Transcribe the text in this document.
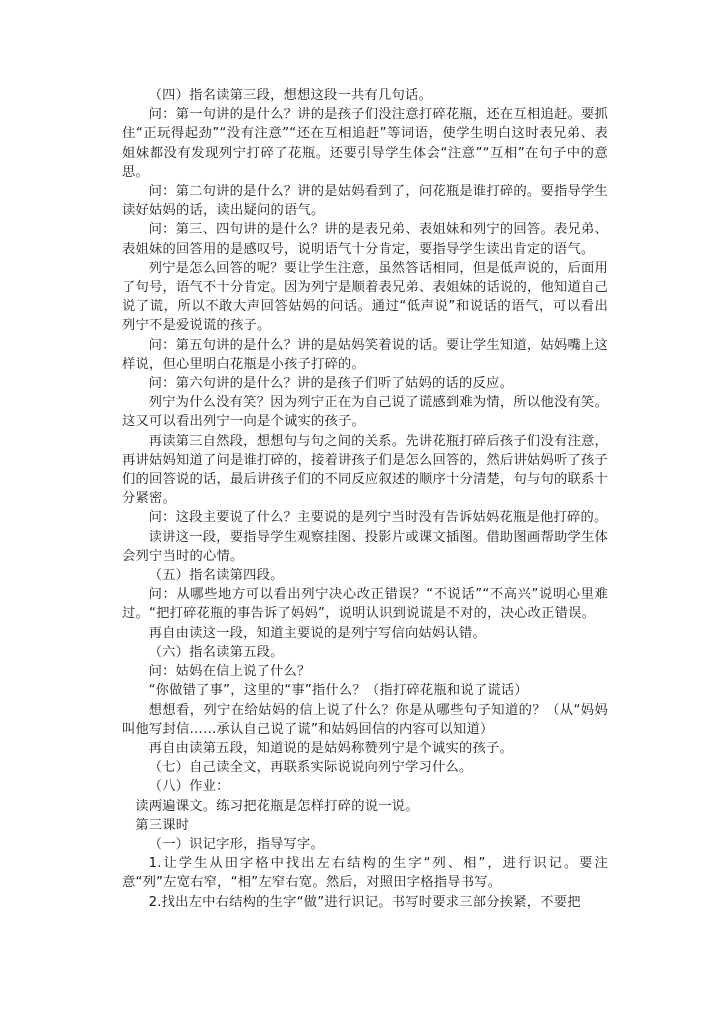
（四）指名读第三段，想想这段一共有几句话。

问：第一句讲的是什么？讲的是孩子们没注意打碎花瓶，还在互相追赶。要抓住“正玩得起劲”“没有注意”“还在互相追赶”等词语，使学生明白这时表兄弟、表姐妹都没有发现列宁打碎了花瓶。还要引导学生体会“注意”“互相”在句子中的意思。

问：第二句讲的是什么？讲的是姑妈看到了，问花瓶是谁打碎的。要指导学生读好姑妈的话，读出疑问的语气。

问：第三、四句讲的是什么？讲的是表兄弟、表姐妹和列宁的回答。表兄弟、表姐妹的回答用的是感叹号，说明语气十分肯定，要指导学生读出肯定的语气。

列宁是怎么回答的呢？要让学生注意，虽然答话相同，但是低声说的，后面用了句号，语气不十分肯定。因为列宁是顺着表兄弟、表姐妹的话说的，他知道自己说了谎，所以不敢大声回答姑妈的问话。通过“低声说”和说话的语气，可以看出列宁不是爱说谎的孩子。

问：第五句讲的是什么？讲的是姑妈笑着说的话。要让学生知道，姑妈嘴上这样说，但心里明白花瓶是小孩子打碎的。

问：第六句讲的是什么？讲的是孩子们听了姑妈的话的反应。

列宁为什么没有笑？因为列宁正在为自己说了谎感到难为情，所以他没有笑。这又可以看出列宁一向是个诚实的孩子。

再读第三自然段，想想句与句之间的关系。先讲花瓶打碎后孩子们没有注意，再讲姑妈知道了问是谁打碎的，接着讲孩子们是怎么回答的，然后讲姑妈听了孩子们的回答说的话，最后讲孩子们的不同反应叙述的顺序十分清楚，句与句的联系十分紧密。

问：这段主要说了什么？主要说的是列宁当时没有告诉姑妈花瓶是他打碎的。

读讲这一段，要指导学生观察挂图、投影片或课文插图。借助图画帮助学生体会列宁当时的心情。

（五）指名读第四段。

问：从哪些地方可以看出列宁决心改正错误？“不说话”“不高兴”说明心里难过。“把打碎花瓶的事告诉了妈妈”，说明认识到说谎是不对的，决心改正错误。

再自由读这一段，知道主要说的是列宁写信向姑妈认错。

（六）指名读第五段。

问：姑妈在信上说了什么？

“你做错了事”，这里的“事”指什么？（指打碎花瓶和说了谎话）

想想看，列宁在给姑妈的信上说了什么？你是从哪些句子知道的？（从“妈妈叫他写封信……承认自己说了谎”和姑妈回信的内容可以知道）

再自由读第五段，知道说的是姑妈称赞列宁是个诚实的孩子。

（七）自己读全文，再联系实际说说向列宁学习什么。

（八）作业：

读两遍课文。练习把花瓶是怎样打碎的说一说。

第三课时

（一）识记字形，指导写字。

1.让学生从田字格中找出左右结构的生字“列、相”，进行识记。要注意“列”左宽右窄，“相”左窄右宽。然后，对照田字格指导书写。

2.找出左中右结构的生字“做”进行识记。书写时要求三部分挨紧，不要把
